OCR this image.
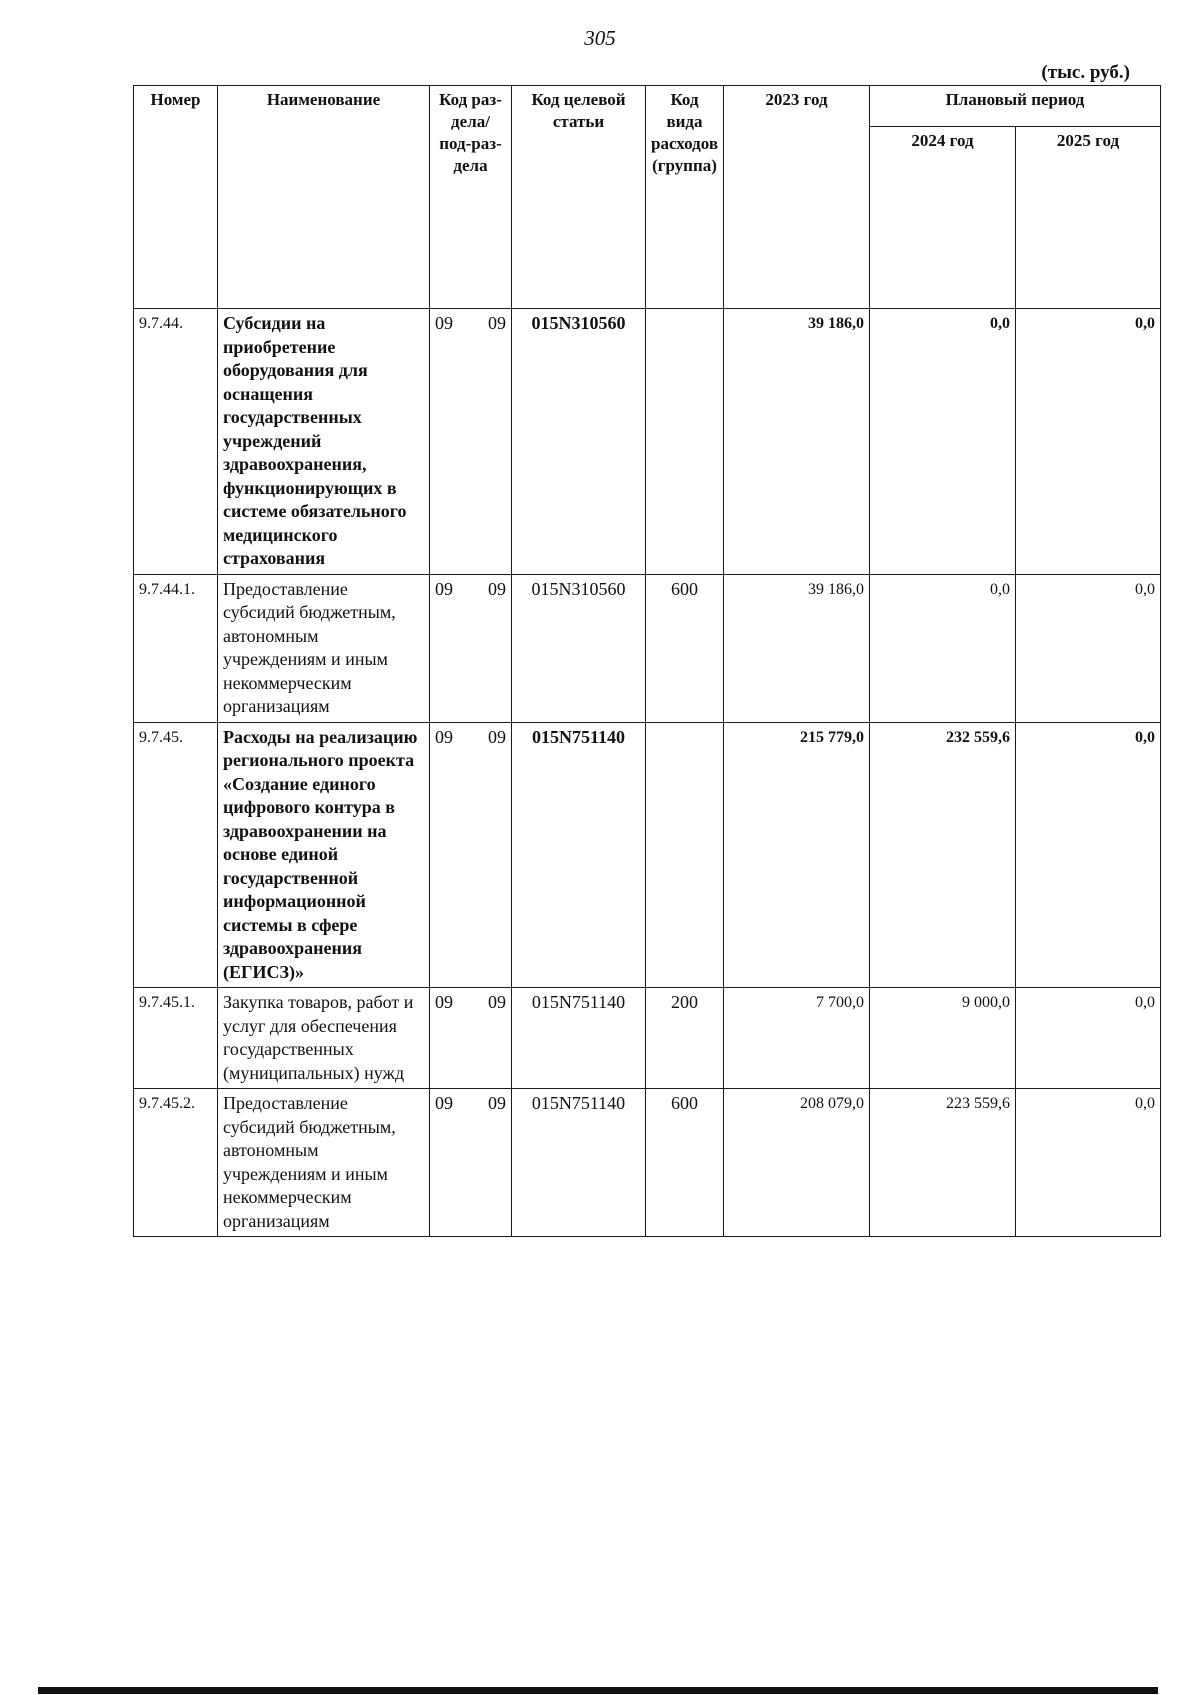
305
(тыс. руб.)
Номер	Наименование	Код раз-дела/ под-раз-дела	Код целевой статьи	Код вида расходов (группа)	2023 год	Плановый период	
						2024 год	2025 год
9.7.44.	Субсидии на приобретение оборудования для оснащения государственных учреждений здравоохранения, функционирующих в системе обязательного медицинского страхования	09 09	015N310560		39 186,0	0,0	0,0
9.7.44.1.	Предоставление субсидий бюджетным, автономным учреждениям и иным некоммерческим организациям	09 09	015N310560	600	39 186,0	0,0	0,0
9.7.45.	Расходы на реализацию регионального проекта «Создание единого цифрового контура в здравоохранении на основе единой государственной информационной системы в сфере здравоохранения (ЕГИСЗ)»	09 09	015N751140		215 779,0	232 559,6	0,0
9.7.45.1.	Закупка товаров, работ и услуг для обеспечения государственных (муниципальных) нужд	09 09	015N751140	200	7 700,0	9 000,0	0,0
9.7.45.2.	Предоставление субсидий бюджетным, автономным учреждениям и иным некоммерческим организациям	09 09	015N751140	600	208 079,0	223 559,6	0,0
